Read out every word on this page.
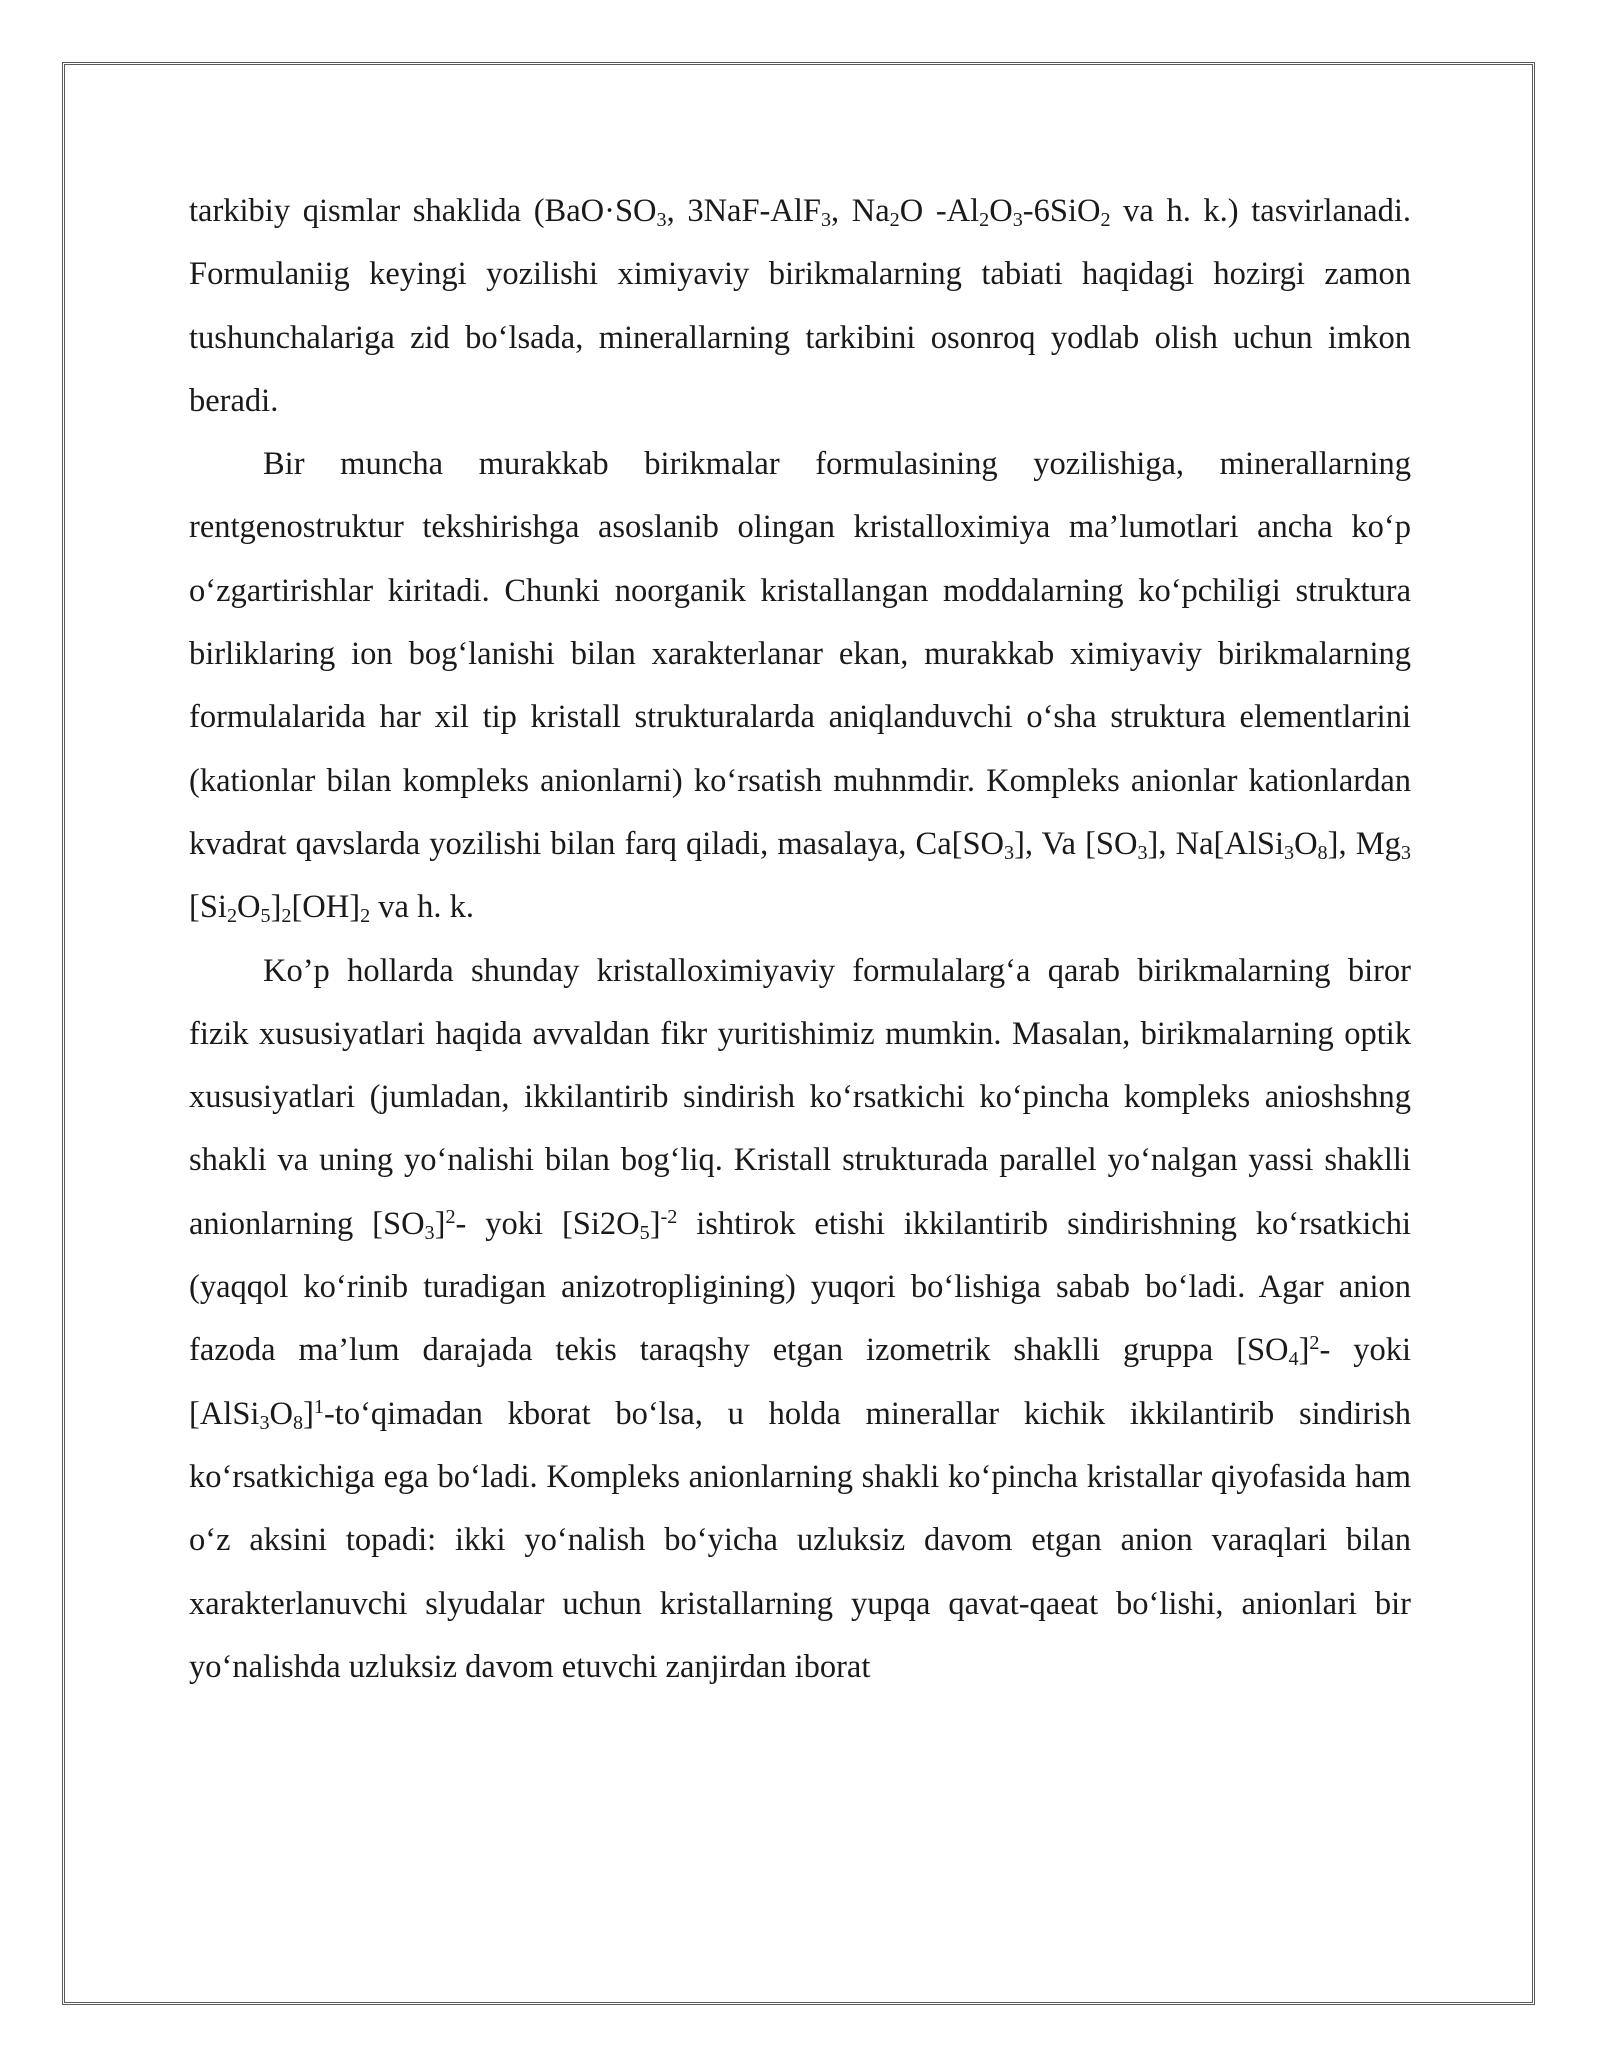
tarkibiy qismlar shaklida ($BaO\cdot SO_3$, 3NaF-AlF$_3$, $Na_2O$ $-Al_2O_3-6SiO_2$ va h. k.) tasvirlanadi. Formulaniig keyingi yozilishi ximiyaviy birikmalarning tabiati haqidagi hozirgi zamon tushunchalariga zid bo‘lsada, minerallarning tarkibini osonroq yodlab olish uchun imkon beradi.

Bir muncha murakkab birikmalar formulasining yozilishiga, minerallarning rentgenostruktur tekshirishga asoslanib olingan kristalloximiya ma’lumotlari ancha ko‘p o‘zgartirishlar kiritadi. Chunki noorganik kristallangan moddalarning ko‘pchiligi struktura birliklaring ion bog‘lanishi bilan xarakterlanar ekan, murakkab ximiyaviy birikmalarning formulalarida har xil tip kristall strukturalarda aniqlanduvchi o‘sha struktura elementlarini (kationlar bilan kompleks anionlarni) ko‘rsatish muhnmdir. Kompleks anionlar kationlardan kvadrat qavslarda yozilishi bilan farq qiladi, masalaya, $Ca[SO_3]$, Va $[SO_3]$, $Na[AlSi_3O_8]$, $Mg_3$ $[Si_2O_5]_2[OH]_2$ va h. k.

Ko’p hollarda shunday kristalloximiyaviy formulalarg‘a qarab birikmalarning biror fizik xususiyatlari haqida avvaldan fikr yuritishimiz mumkin. Masalan, birikmalarning optik xususiyatlari (jumladan, ikkilantirib sindirish ko‘rsatkichi ko‘pincha kompleks anioshshng shakli va uning yo‘nalishi bilan bog‘liq. Kristall strukturada parallel yo‘nalgan yassi shaklli anionlarning $[SO_3]^2-$ yoki $[Si2O_5]^{-2}$ ishtirok etishi ikkilantirib sindirishning ko‘rsatkichi (yaqqol ko‘rinib turadigan anizotropligining) yuqori bo‘lishiga sabab bo‘ladi. Agar anion fazoda ma’lum darajada tekis taraqshy etgan izometrik shaklli gruppa $[SO_4]^2-$ yoki $[AlSi_3O_8]^1-to‘qimadan$ kborat bo‘lsa, u holda minerallar kichik ikkilantirib sindirish ko‘rsatkichiga ega bo‘ladi. Kompleks anionlarning shakli ko‘pincha kristallar qiyofasida ham o‘z aksini topadi: ikki yo‘nalish bo‘yicha uzluksiz davom etgan anion varaqlari bilan xarakterlanuvchi slyudalar uchun kristallarning yupqa qavat-qaeat bo‘lishi, anionlari bir yo‘nalishda uzluksiz davom etuvchi zanjirdan iborat
